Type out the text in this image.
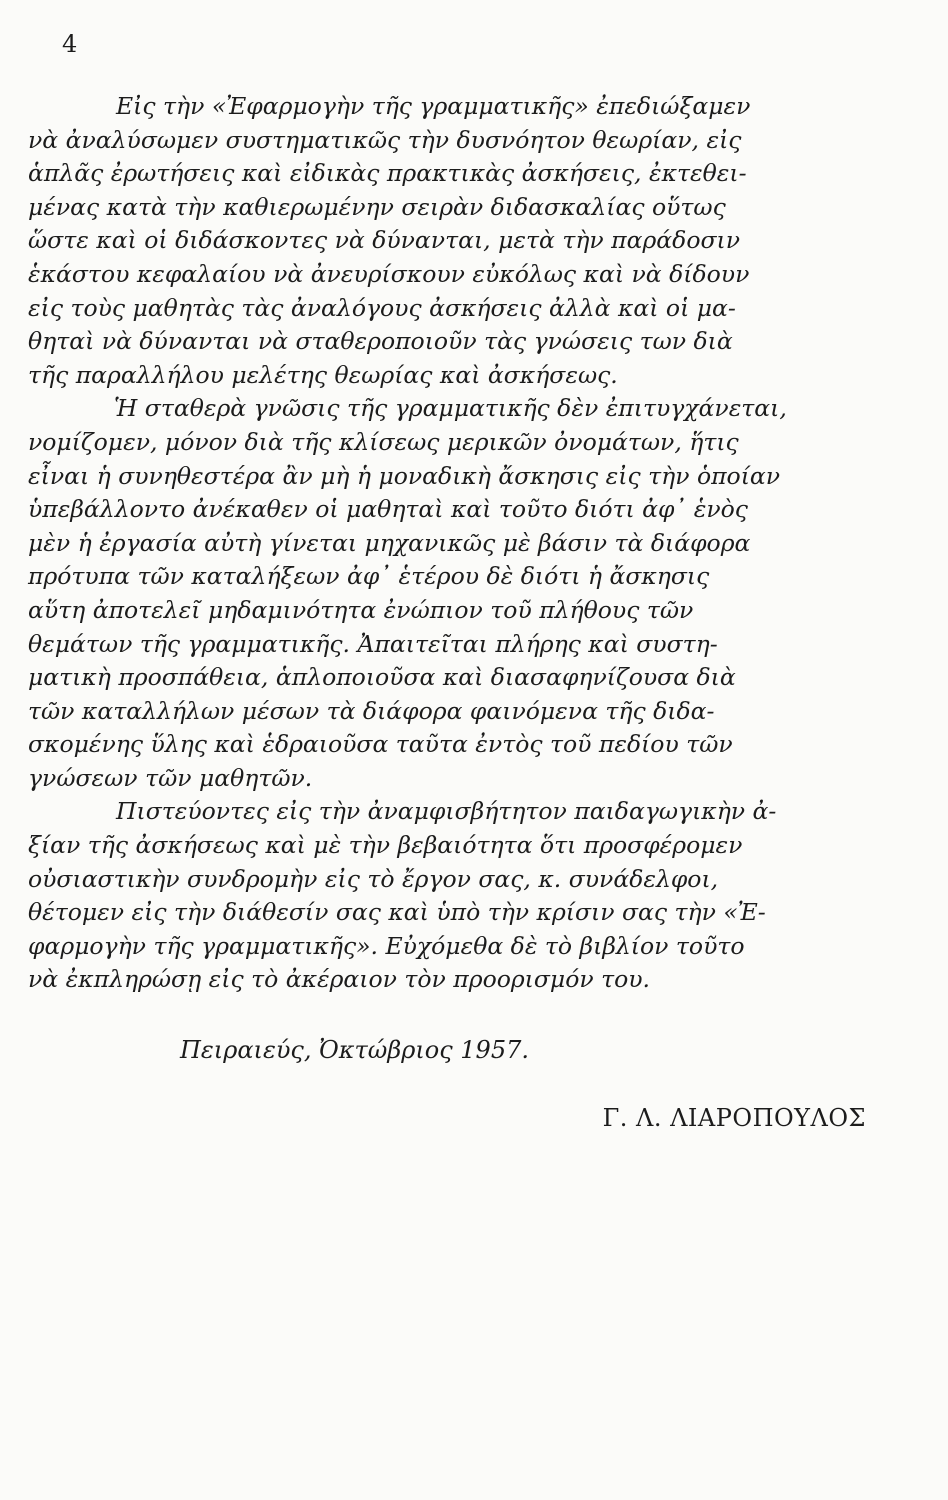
4
Εἰς τὴν «Ἐφαρμογὴν τῆς γραμματικῆς» ἐπεδιώξαμεν
νὰ ἀναλύσωμεν συστηματικῶς τὴν δυσνόητον θεωρίαν, εἰς
ἁπλᾶς ἐρωτήσεις καὶ εἰδικὰς πρακτικὰς ἀσκήσεις, ἐκτεθει-
μένας κατὰ τὴν καθιερωμένην σειρὰν διδασκαλίας οὕτως
ὥστε καὶ οἱ διδάσκοντες νὰ δύνανται, μετὰ τὴν παράδοσιν
ἑκάστου κεφαλαίου νὰ ἀνευρίσκουν εὐκόλως καὶ νὰ δίδουν
εἰς τοὺς μαθητὰς τὰς ἀναλόγους ἀσκήσεις ἀλλὰ καὶ οἱ μα-
θηταὶ νὰ δύνανται νὰ σταθεροποιοῦν τὰς γνώσεις των διὰ
τῆς παραλλήλου μελέτης θεωρίας καὶ ἀσκήσεως.
Ἡ σταθερὰ γνῶσις τῆς γραμματικῆς δὲν ἐπιτυγχάνεται,
νομίζομεν, μόνον διὰ τῆς κλίσεως μερικῶν ὀνομάτων, ἥτις
εἶναι ἡ συνηθεστέρα ἂν μὴ ἡ μοναδικὴ ἄσκησις εἰς τὴν ὁποίαν
ὑπεβάλλοντο ἀνέκαθεν οἱ μαθηταὶ καὶ τοῦτο διότι ἀφ᾽ ἑνὸς
μὲν ἡ ἐργασία αὐτὴ γίνεται μηχανικῶς μὲ βάσιν τὰ διάφορα
πρότυπα τῶν καταλήξεων ἀφ᾽ ἑτέρου δὲ διότι ἡ ἄσκησις
αὕτη ἀποτελεῖ μηδαμινότητα ἐνώπιον τοῦ πλήθους τῶν
θεμάτων τῆς γραμματικῆς. Ἀπαιτεῖται πλήρης καὶ συστη-
ματικὴ προσπάθεια, ἁπλοποιοῦσα καὶ διασαφηνίζουσα διὰ
τῶν καταλλήλων μέσων τὰ διάφορα φαινόμενα τῆς διδα-
σκομένης ὕλης καὶ ἑδραιοῦσα ταῦτα ἐντὸς τοῦ πεδίου τῶν
γνώσεων τῶν μαθητῶν.
Πιστεύοντες εἰς τὴν ἀναμφισβήτητον παιδαγωγικὴν ἀ-
ξίαν τῆς ἀσκήσεως καὶ μὲ τὴν βεβαιότητα ὅτι προσφέρομεν
οὐσιαστικὴν συνδρομὴν εἰς τὸ ἔργον σας, κ. συνάδελφοι,
θέτομεν εἰς τὴν διάθεσίν σας καὶ ὑπὸ τὴν κρίσιν σας τὴν «Ἐ-
φαρμογὴν τῆς γραμματικῆς». Εὐχόμεθα δὲ τὸ βιβλίον τοῦτο
νὰ ἐκπληρώσῃ εἰς τὸ ἀκέραιον τὸν προορισμόν του.
Πειραιεύς, Ὀκτώβριος 1957.
Γ. Λ. ΛΙΑΡΟΠΟΥΛΟΣ
